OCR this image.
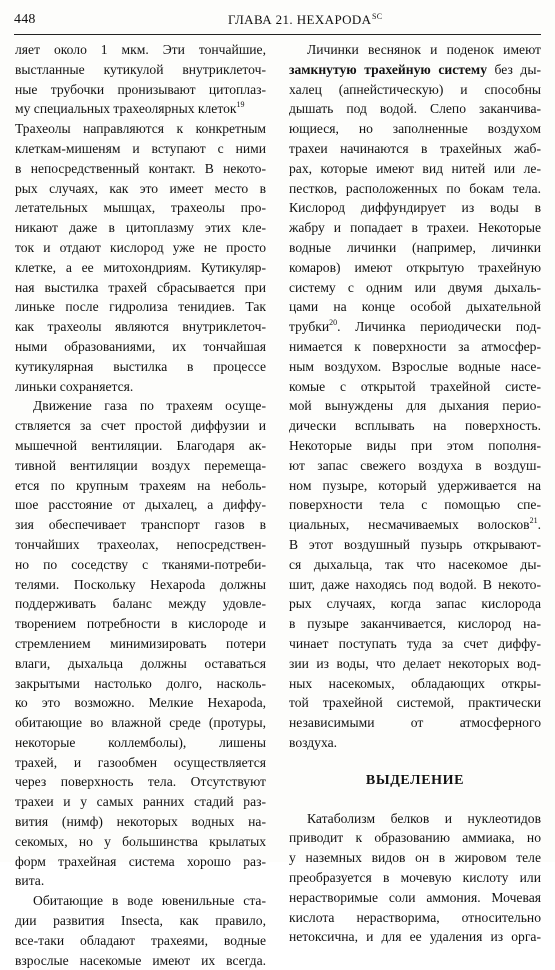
448	ГЛАВА 21. $HEXAPODA^{SC}$
ляет около 1 мкм. Эти тончайшие,
выстланные кутикулой внутриклеточ-
ные трубочки пронизывают цитоплаз-
му специальных трахеолярных клеток$^{19}$
Трахеолы направляются к конкретным
клеткам-мишеням и вступают с ними
в непосредственный контакт. В некото-
рых случаях, как это имеет место в
летательных мышцах, трахеолы про-
никают даже в цитоплазму этих кле-
ток и отдают кислород уже не просто
клетке, а ее митохондриям. Кутикуляр-
ная выстилка трахей сбрасывается при
линьке после гидролиза тенидиев. Так
как трахеолы являются внутриклеточ-
ными образованиями, их тончайшая
кутикулярная выстилка в процессе
линьки сохраняется.
Движение газа по трахеям осуще-
ствляется за счет простой диффузии и
мышечной вентиляции. Благодаря ак-
тивной вентиляции воздух перемеща-
ется по крупным трахеям на неболь-
шое расстояние от дыхалец, а диффу-
зия обеспечивает транспорт газов в
тончайших трахеолах, непосредствен-
но по соседству с тканями-потреби-
телями. Поскольку Hexapoda должны
поддерживать баланс между удовле-
творением потребности в кислороде и
стремлением минимизировать потери
влаги, дыхальца должны оставаться
закрытыми настолько долго, насколь-
ко это возможно. Мелкие Hexapoda,
обитающие во влажной среде (протуры,
некоторые коллемболы), лишены
трахей, и газообмен осуществляется
через поверхность тела. Отсутствуют
трахеи и у самых ранних стадий раз-
вития (нимф) некоторых водных на-
секомых, но у большинства крылатых
форм трахейная система хорошо раз-
вита.
Обитающие в воде ювенильные ста-
дии развития Insecta, как правило,
все-таки обладают трахеями, водные
взрослые насекомые имеют их всегда.
Личинки веснянок и поденок имеют
замкнутую трахейную систему без ды-
халец (апнейстическую) и способны
дышать под водой. Слепо заканчива-
ющиеся, но заполненные воздухом
трахеи начинаются в трахейных жаб-
рах, которые имеют вид нитей или ле-
пестков, расположенных по бокам тела.
Кислород диффундирует из воды в
жабру и попадает в трахеи. Некоторые
водные личинки (например, личинки
комаров) имеют открытую трахейную
систему с одним или двумя дыхаль-
цами на конце особой дыхательной
трубки$^{20}$. Личинка периодически под-
нимается к поверхности за атмосфер-
ным воздухом. Взрослые водные насе-
комые с открытой трахейной систе-
мой вынуждены для дыхания перио-
дически всплывать на поверхность.
Некоторые виды при этом пополня-
ют запас свежего воздуха в воздуш-
ном пузыре, который удерживается на
поверхности тела с помощью спе-
циальных, несмачиваемых волосков$^{21}$.
В этот воздушный пузырь открывают-
ся дыхальца, так что насекомое ды-
шит, даже находясь под водой. В некото-
рых случаях, когда запас кислорода
в пузыре заканчивается, кислород на-
чинает поступать туда за счет диффу-
зии из воды, что делает некоторых вод-
ных насекомых, обладающих откры-
той трахейной системой, практически
независимыми от атмосферного
воздуха.
ВЫДЕЛЕНИЕ
Катаболизм белков и нуклеотидов
приводит к образованию аммиака, но
у наземных видов он в жировом теле
преобразуется в мочевую кислоту или
нерастворимые соли аммония. Мочевая
кислота нерастворима, относительно
нетоксична, и для ее удаления из орга-
